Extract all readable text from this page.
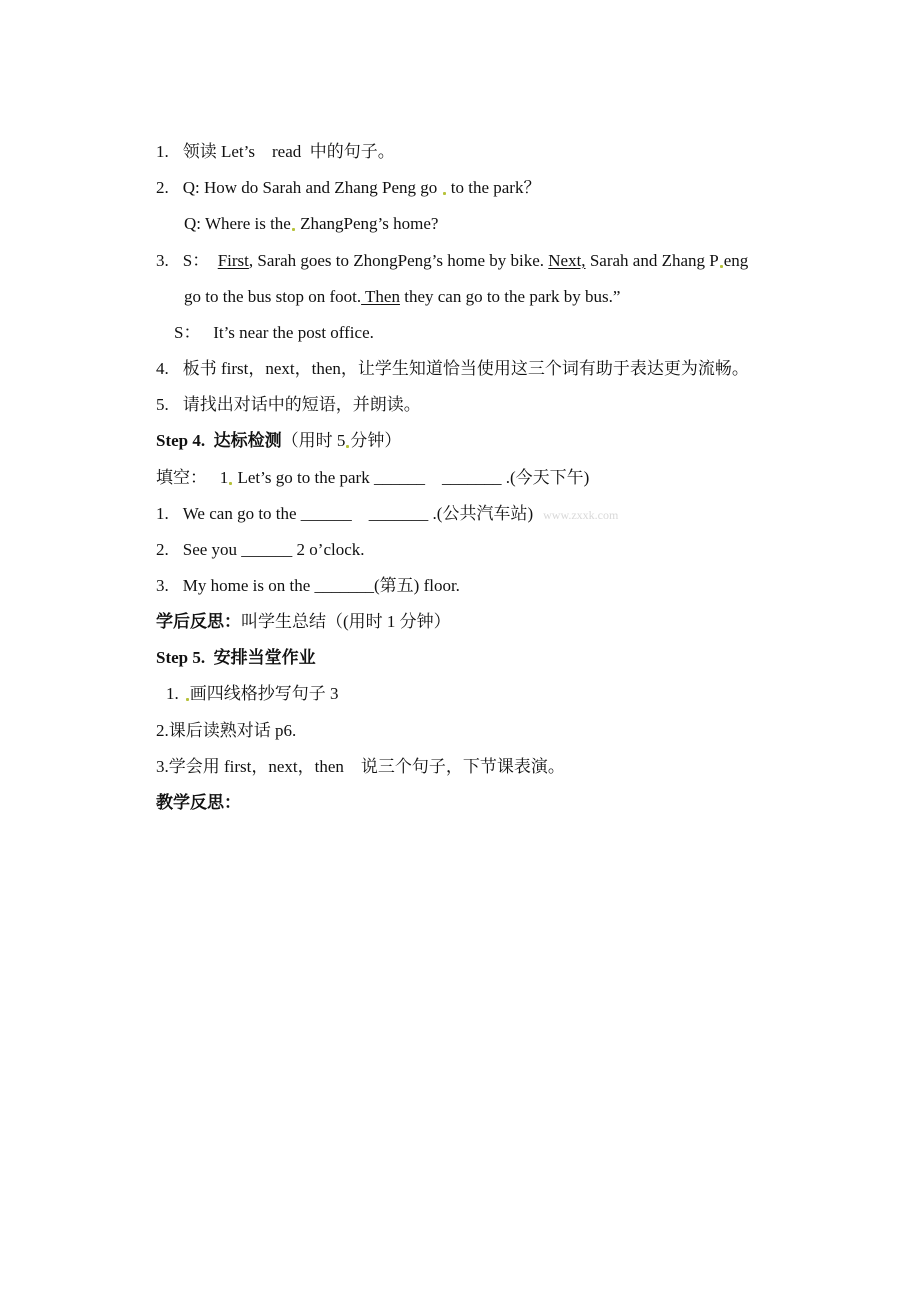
1. 领读 Let’s    read  中的句子。

2. Q: How do Sarah and Zhang Peng go  to the park？

Q: Where is the ZhangPeng’s home?

3. S：  First, Sarah goes to ZhongPeng’s home by bike. Next, Sarah and Zhang P eng

go to the bus stop on foot. Then they can go to the park by bus.”

S：   It’s near the post office.

4. 板书 first，next，then，让学生知道恰当使用这三个词有助于表达更为流畅。

5. 请找出对话中的短语，并朗读。

Step 4.  达标检测（用时 5 分钟）

填空：   1 Let’s go to the park ______    _______ .(今天下午)

1. We can go to the ______    _______ .(公共汽车站) www.zxxk.com

2. See you ______ 2 o’clock.

3. My home is on the _______(第五) floor.

学后反思：叫学生总结（(用时 1 分钟）

Step 5.  安排当堂作业

1. 画四线格抄写句子 3

2.课后读熟对话 p6.

3.学会用 first，next，then    说三个句子，下节课表演。

教学反思：
